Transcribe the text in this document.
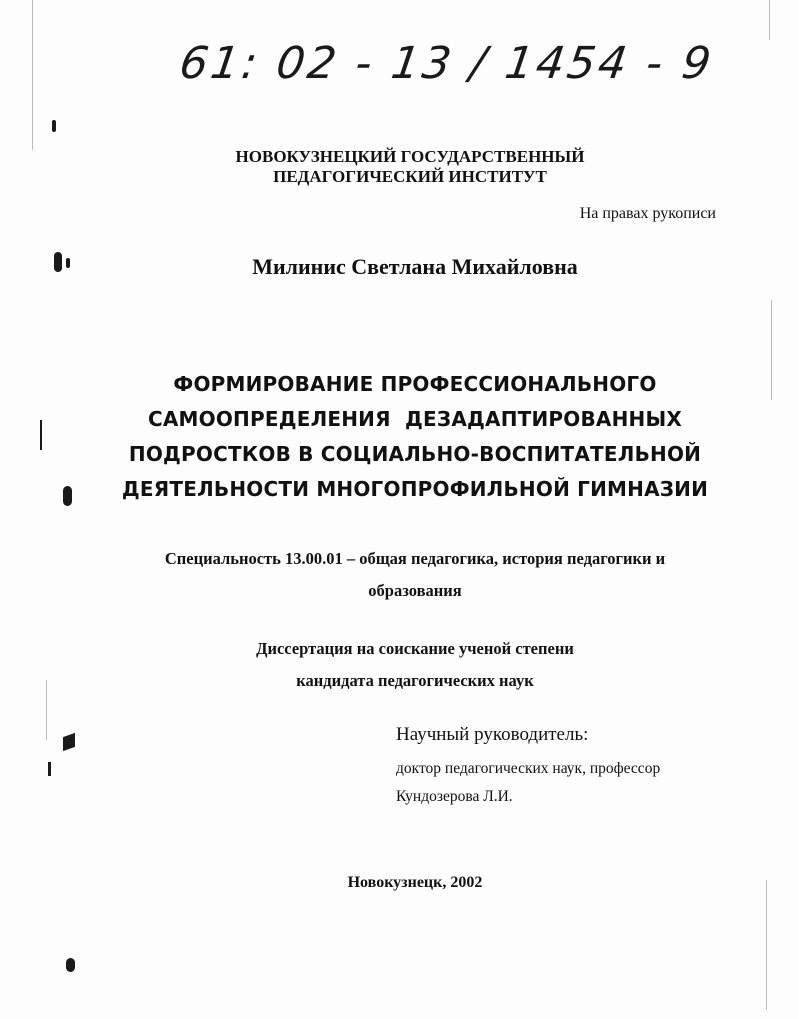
61: 02 - 13 / 1454 - 9
НОВОКУЗНЕЦКИЙ ГОСУДАРСТВЕННЫЙ
ПЕДАГОГИЧЕСКИЙ ИНСТИТУТ
На правах рукописи
Милинис Светлана Михайловна
ФОРМИРОВАНИЕ ПРОФЕССИОНАЛЬНОГО
САМООПРЕДЕЛЕНИЯ  ДЕЗАДАПТИРОВАННЫХ
ПОДРОСТКОВ В СОЦИАЛЬНО-ВОСПИТАТЕЛЬНОЙ
ДЕЯТЕЛЬНОСТИ МНОГОПРОФИЛЬНОЙ ГИМНАЗИИ
Специальность 13.00.01 – общая педагогика, история педагогики и
образования
Диссертация на соискание ученой степени
кандидата педагогических наук
Научный руководитель:
доктор педагогических наук, профессор
Кундозерова Л.И.
Новокузнецк, 2002
